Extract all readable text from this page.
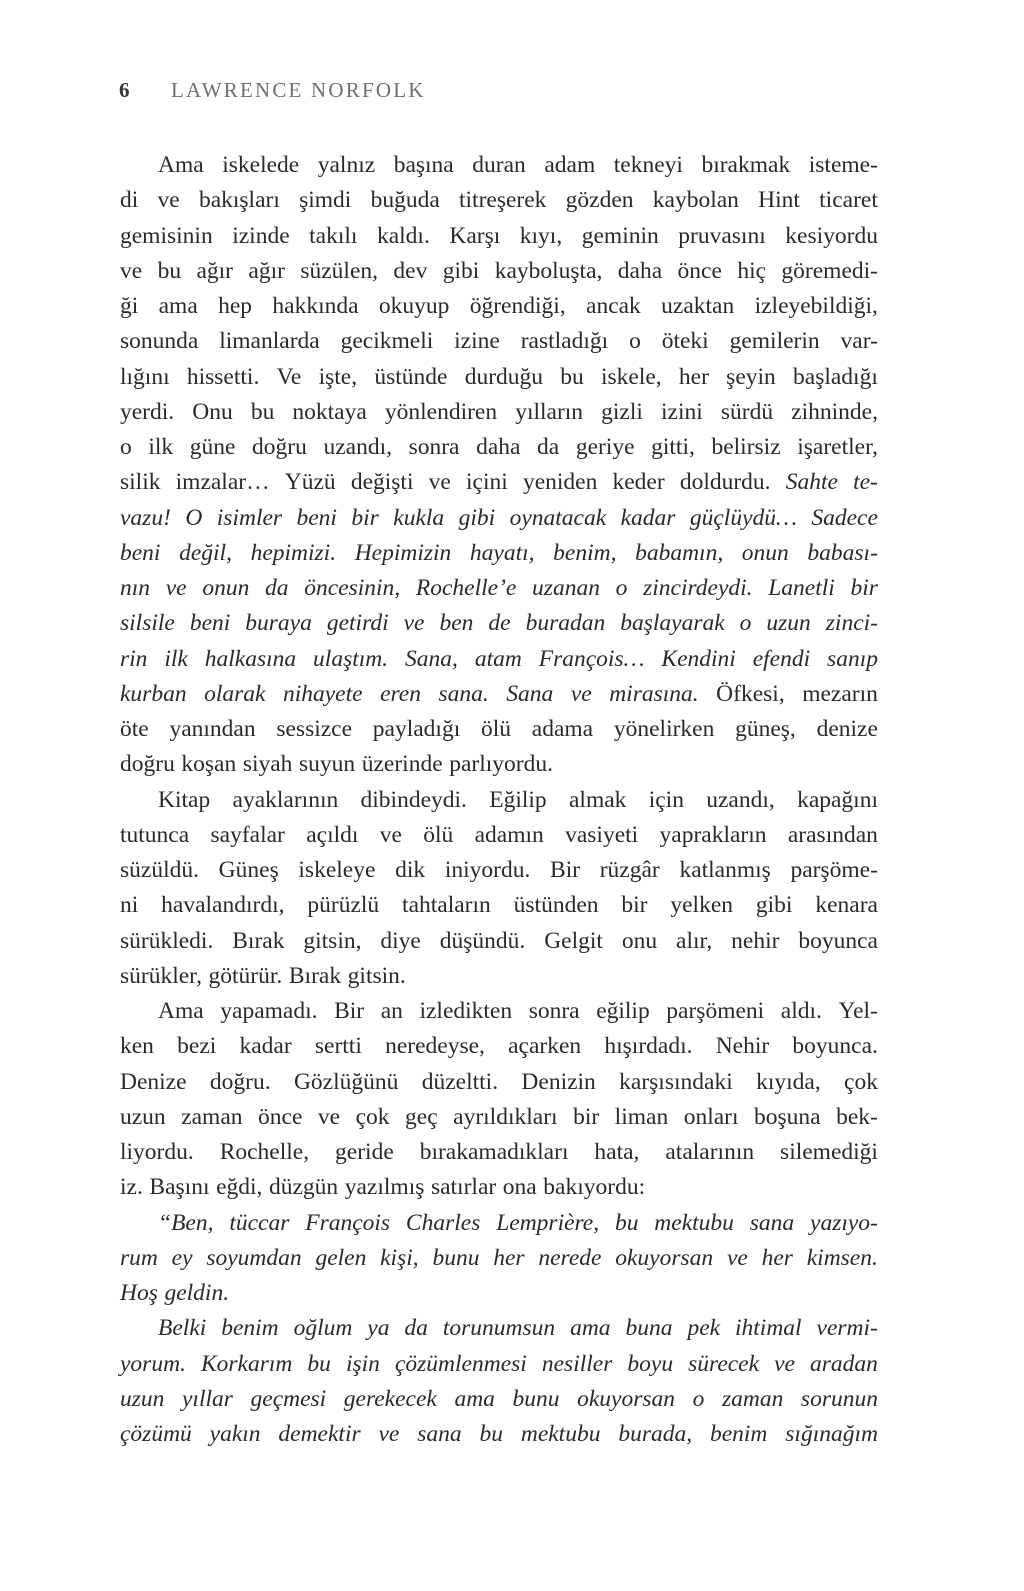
6	LAWRENCE NORFOLK
Ama iskelede yalnız başına duran adam tekneyi bırakmak isteme-
di ve bakışları şimdi buğuda titreşerek gözden kaybolan Hint ticaret
gemisinin izinde takılı kaldı. Karşı kıyı, geminin pruvasını kesiyordu
ve bu ağır ağır süzülen, dev gibi kayboluşta, daha önce hiç göremedi-
ği ama hep hakkında okuyup öğrendiği, ancak uzaktan izleyebildiği,
sonunda limanlarda gecikmeli izine rastladığı o öteki gemilerin var-
lığını hissetti. Ve işte, üstünde durduğu bu iskele, her şeyin başladığı
yerdi. Onu bu noktaya yönlendiren yılların gizli izini sürdü zihninde,
o ilk güne doğru uzandı, sonra daha da geriye gitti, belirsiz işaretler,
silik imzalar… Yüzü değişti ve içini yeniden keder doldurdu. Sahte te-
vazu! O isimler beni bir kukla gibi oynatacak kadar güçlüydü… Sadece
beni değil, hepimizi. Hepimizin hayatı, benim, babamın, onun babası-
nın ve onun da öncesinin, Rochelle’e uzanan o zincirdeydi. Lanetli bir
silsile beni buraya getirdi ve ben de buradan başlayarak o uzun zinci-
rin ilk halkasına ulaştım. Sana, atam François… Kendini efendi sanıp
kurban olarak nihayete eren sana. Sana ve mirasına. Öfkesi, mezarın
öte yanından sessizce payladığı ölü adama yönelirken güneş, denize
doğru koşan siyah suyun üzerinde parlıyordu.
Kitap ayaklarının dibindeydi. Eğilip almak için uzandı, kapağını
tutunca sayfalar açıldı ve ölü adamın vasiyeti yaprakların arasından
süzüldü. Güneş iskeleye dik iniyordu. Bir rüzgâr katlanmış parşöme-
ni havalandırdı, pürüzlü tahtaların üstünden bir yelken gibi kenara
sürükledi. Bırak gitsin, diye düşündü. Gelgit onu alır, nehir boyunca
sürükler, götürür. Bırak gitsin.
Ama yapamadı. Bir an izledikten sonra eğilip parşömeni aldı. Yel-
ken bezi kadar sertti neredeyse, açarken hışırdadı. Nehir boyunca.
Denize doğru. Gözlüğünü düzeltti. Denizin karşısındaki kıyıda, çok
uzun zaman önce ve çok geç ayrıldıkları bir liman onları boşuna bek-
liyordu. Rochelle, geride bırakamadıkları hata, atalarının silemediği
iz. Başını eğdi, düzgün yazılmış satırlar ona bakıyordu:
“Ben, tüccar François Charles Lemprière, bu mektubu sana yazıyo-
rum ey soyumdan gelen kişi, bunu her nerede okuyorsan ve her kimsen.
Hoş geldin.
Belki benim oğlum ya da torunumsun ama buna pek ihtimal vermi-
yorum. Korkarım bu işin çözümlenmesi nesiller boyu sürecek ve aradan
uzun yıllar geçmesi gerekecek ama bunu okuyorsan o zaman sorunun
çözümü yakın demektir ve sana bu mektubu burada, benim sığınağım
